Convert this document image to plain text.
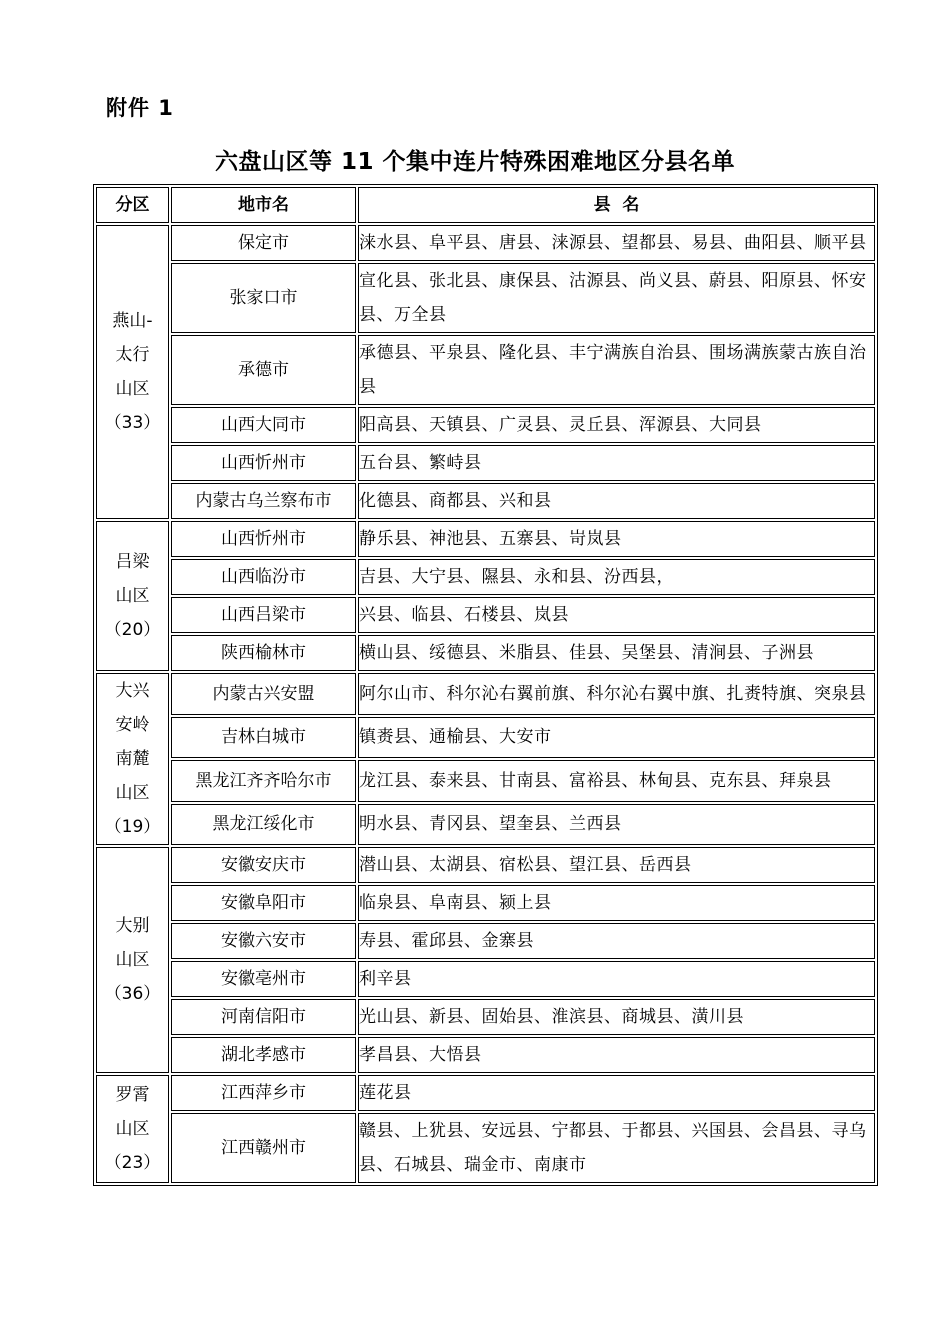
附件 1
六盘山区等 11 个集中连片特殊困难地区分县名单
分区	地市名	县  名

燕山-
太行
山区
（33）	保定市	涞水县、阜平县、唐县、涞源县、望都县、易县、曲阳县、顺平县
	张家口市	宣化县、张北县、康保县、沽源县、尚义县、蔚县、阳原县、怀安县、万全县
	承德市	承德县、平泉县、隆化县、丰宁满族自治县、围场满族蒙古族自治县
	山西大同市	阳高县、天镇县、广灵县、灵丘县、浑源县、大同县
	山西忻州市	五台县、繁峙县
	内蒙古乌兰察布市	化德县、商都县、兴和县

吕梁
山区
（20）	山西忻州市	静乐县、神池县、五寨县、岢岚县
	山西临汾市	吉县、大宁县、隰县、永和县、汾西县，
	山西吕梁市	兴县、临县、石楼县、岚县
	陕西榆林市	横山县、绥德县、米脂县、佳县、吴堡县、清涧县、子洲县

大兴
安岭
南麓
山区
（19）	内蒙古兴安盟	阿尔山市、科尔沁右翼前旗、科尔沁右翼中旗、扎赉特旗、突泉县
	吉林白城市	镇赉县、通榆县、大安市
	黑龙江齐齐哈尔市	龙江县、泰来县、甘南县、富裕县、林甸县、克东县、拜泉县
	黑龙江绥化市	明水县、青冈县、望奎县、兰西县

大别
山区
（36）	安徽安庆市	潜山县、太湖县、宿松县、望江县、岳西县
	安徽阜阳市	临泉县、阜南县、颍上县
	安徽六安市	寿县、霍邱县、金寨县
	安徽亳州市	利辛县
	河南信阳市	光山县、新县、固始县、淮滨县、商城县、潢川县
	湖北孝感市	孝昌县、大悟县

罗霄
山区
（23）	江西萍乡市	莲花县
	江西赣州市	赣县、上犹县、安远县、宁都县、于都县、兴国县、会昌县、寻乌县、石城县、瑞金市、南康市
